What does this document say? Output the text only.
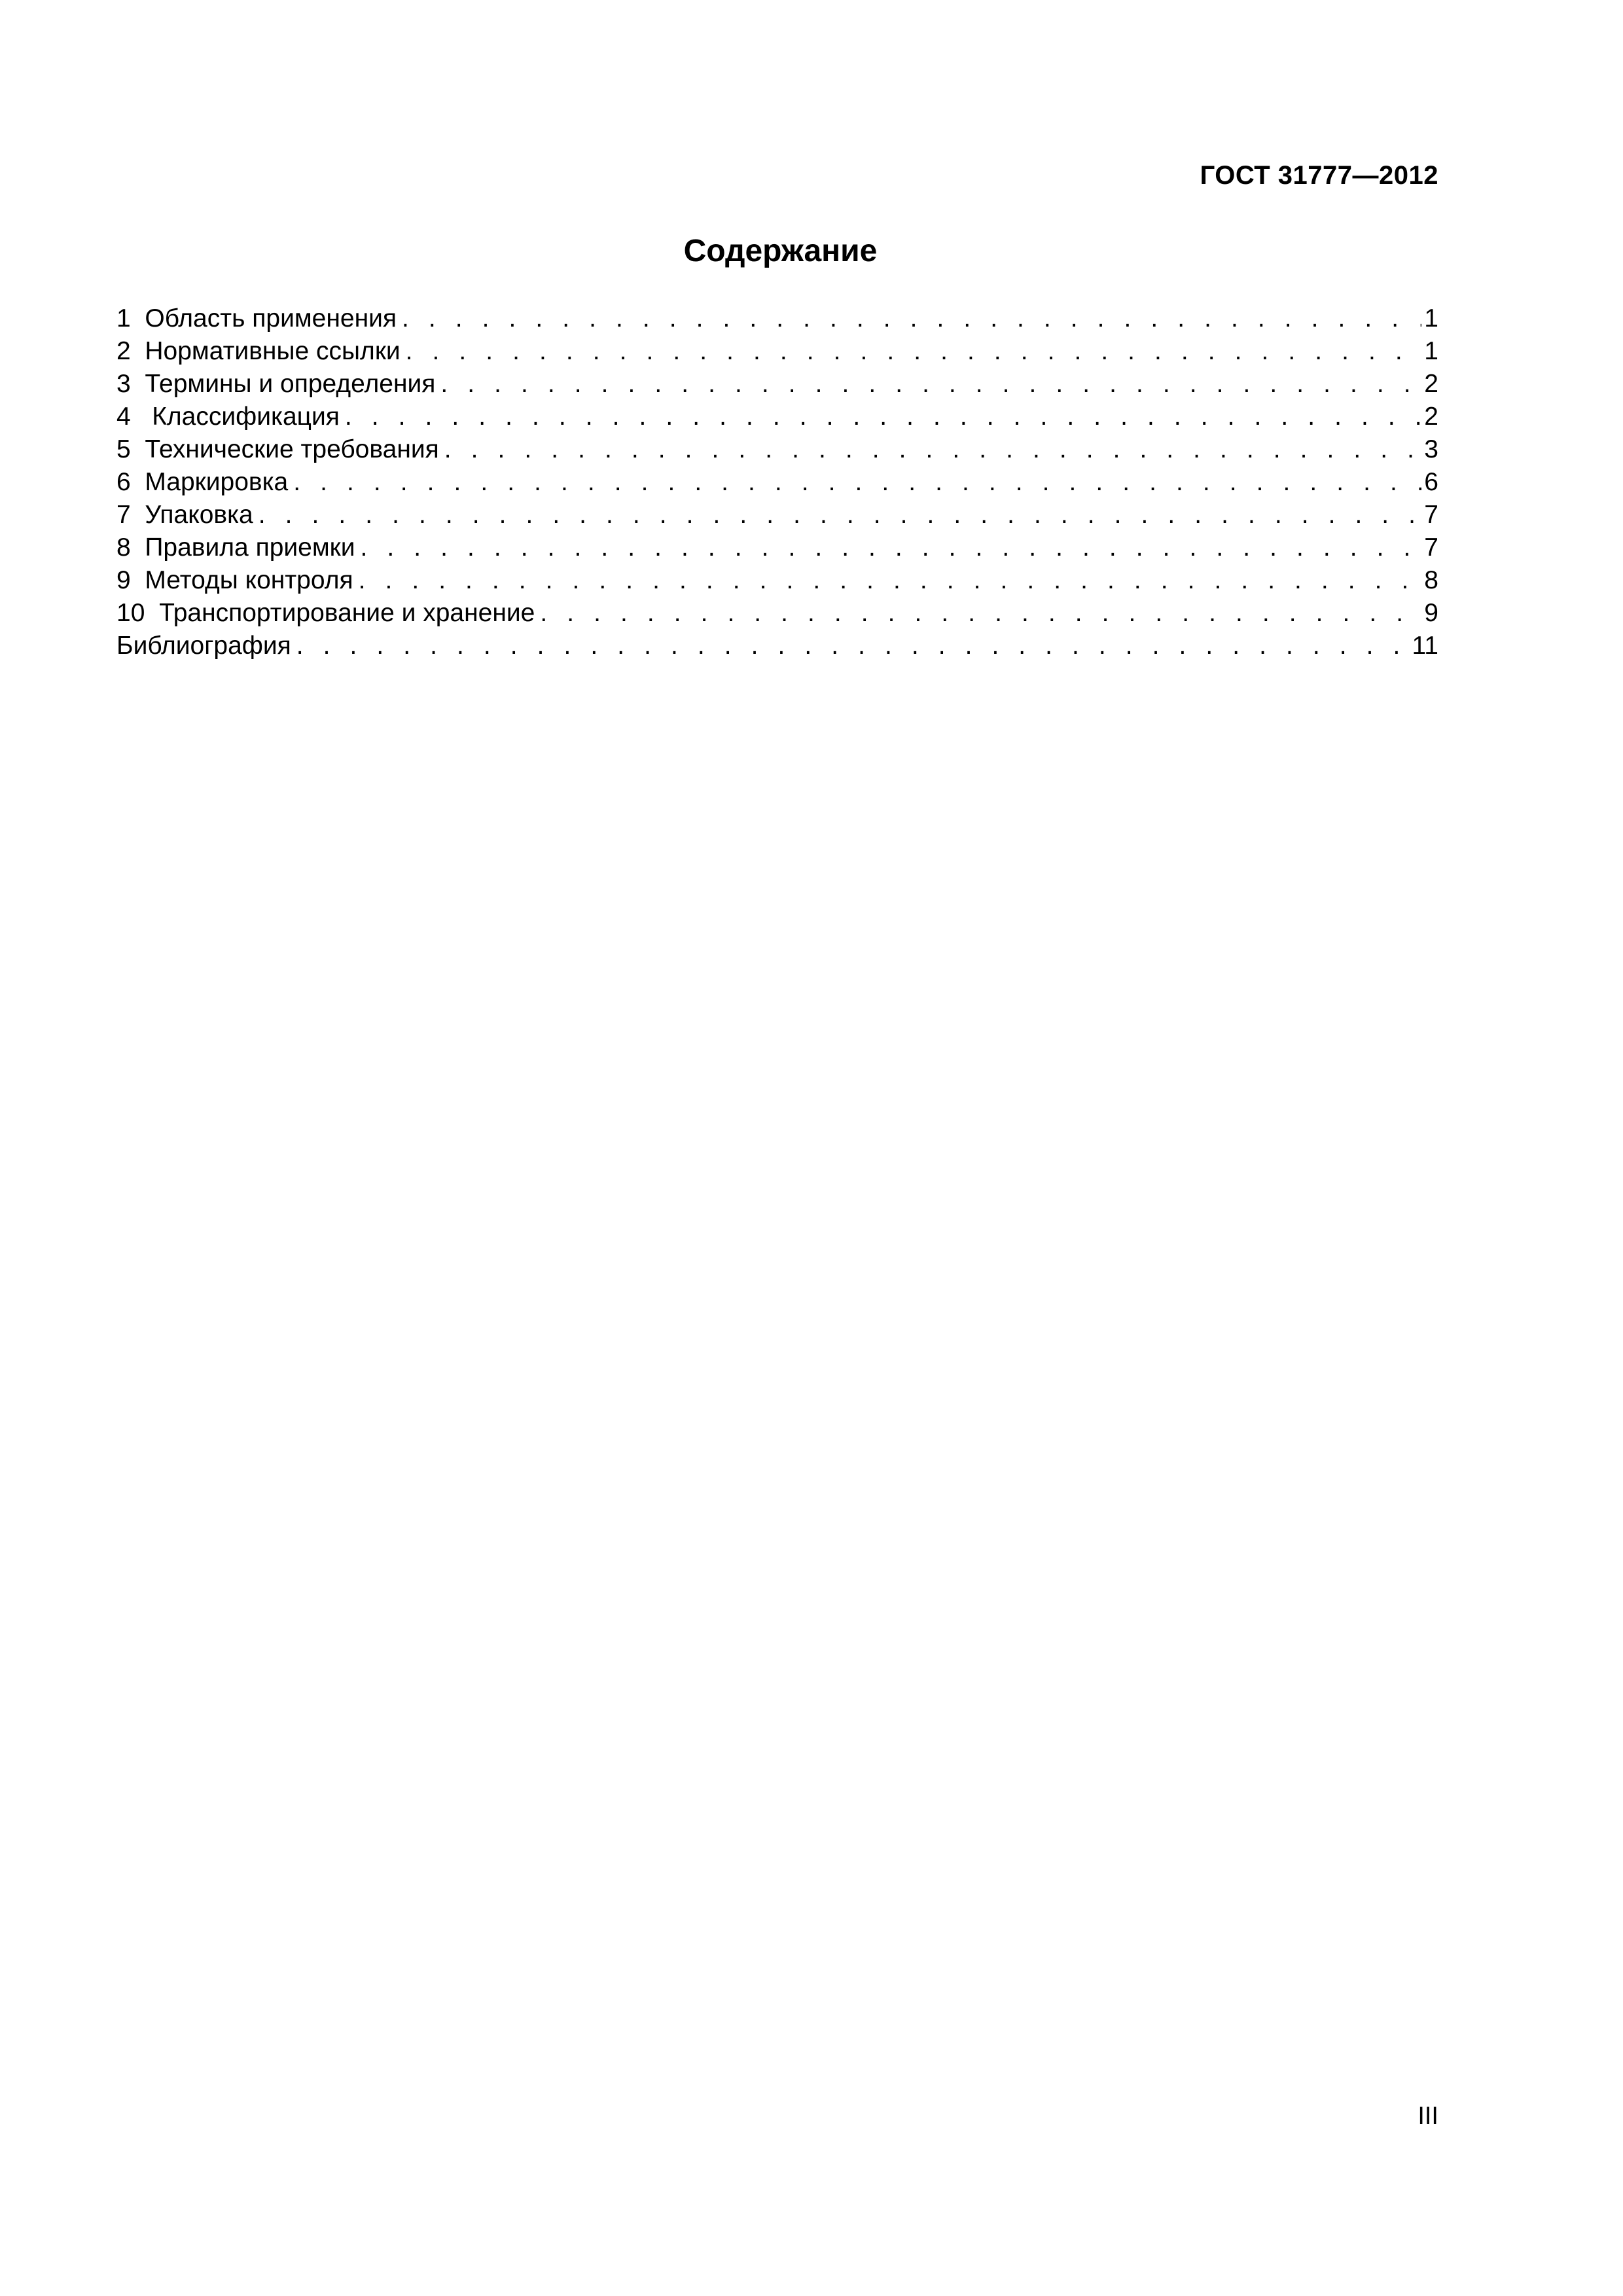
ГОСТ 31777—2012
Содержание
1 Область применения . . .	1
2 Нормативные ссылки . . .	1
3 Термины и определения . . .	2
4 Классификация . . .	2
5 Технические требования . . .	3
6 Маркировка . . .	6
7 Упаковка . . .	7
8 Правила приемки . . .	7
9 Методы контроля . . .	8
10 Транспортирование и хранение . . .	9
Библиография . . .	11
III
